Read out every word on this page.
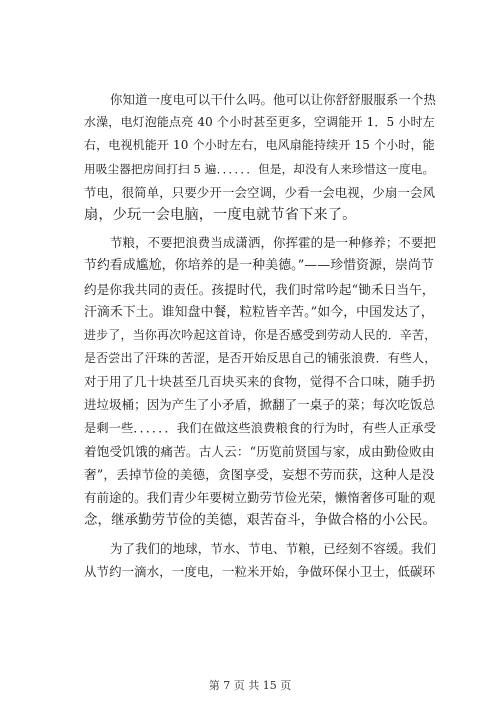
你知道一度电可以干什么吗。他可以让你舒舒服服系一个热

水澡，电灯泡能点亮 40 个小时甚至更多，空调能开 1．5 小时左

右，电视机能开 10 个小时左右，电风扇能持续开 15 个小时，能

用吸尘器把房间打扫 5 遍．．．．．．但是，却没有人来珍惜这一度电。

节电，很简单，只要少开一会空调，少看一会电视，少扇一会风

扇，少玩一会电脑，一度电就节省下来了。

节粮，不要把浪费当成潇洒，你挥霍的是一种修养；不要把

节约看成尴尬，你培养的是一种美德。”——珍惜资源，崇尚节

约是你我共同的责任。孩提时代，我们时常吟起“锄禾日当午，

汗滴禾下土。谁知盘中餐，粒粒皆辛苦。”如今，中国发达了，

进步了，当你再次吟起这首诗，你是否感受到劳动人民的．辛苦，

是否尝出了汗珠的苦涩，是否开始反思自己的铺张浪费．有些人，

对于用了几十块甚至几百块买来的食物，觉得不合口味，随手扔

进垃圾桶；因为产生了小矛盾，掀翻了一桌子的菜；每次吃饭总

是剩一些．．．．．．我们在做这些浪费粮食的行为时，有些人正承受

着饱受饥饿的痛苦。古人云：“历览前贤国与家，成由勤俭败由

奢”，丢掉节俭的美德，贪图享受，妄想不劳而获，这种人是没

有前途的。我们青少年要树立勤劳节俭光荣，懒惰奢侈可耻的观

念，继承勤劳节俭的美德，艰苦奋斗，争做合格的小公民。

为了我们的地球，节水、节电、节粮，已经刻不容缓。我们

从节约一滴水，一度电，一粒米开始，争做环保小卫士，低碳环

第 7 页 共 15 页
